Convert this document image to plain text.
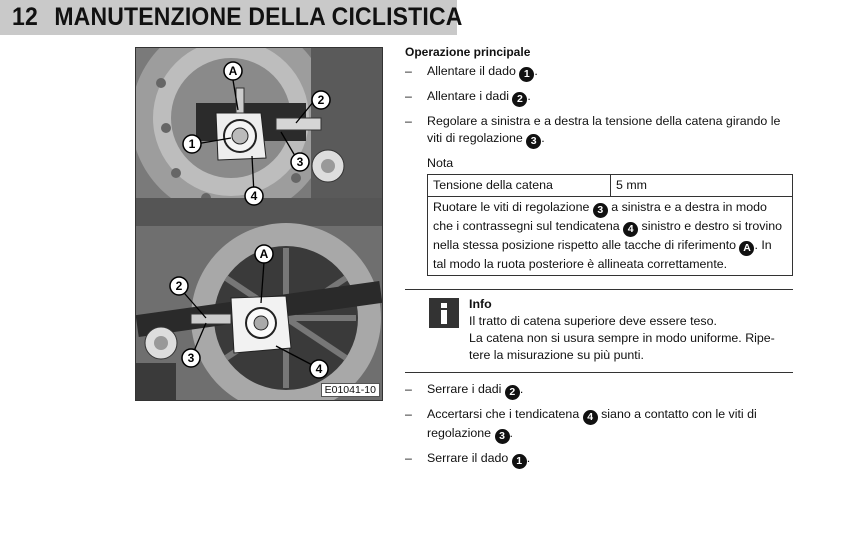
12 MANUTENZIONE DELLA CICLISTICA
A
2
1
3
4
A
2
3
4
E01041-10
Operazione principale
– Allentare il dado 1 .
– Allentare i dadi 2 .
– Regolare a sinistra e a destra la tensione della catena girando le viti di regolazione 3 .
Nota
Tensione della catena	5 mm
Ruotare le viti di regolazione 3 a sinistra e a destra in modo che i contrassegni sul tendicatena 4 sinistro e destro si trovino nella stessa posizione rispetto alle tacche di riferimento A . In tal modo la ruota posteriore è allineata correttamente.
Info
Il tratto di catena superiore deve essere teso.
La catena non si usura sempre in modo uniforme. Ripe-tere la misurazione su più punti.
– Serrare i dadi 2 .
– Accertarsi che i tendicatena 4 siano a contatto con le viti di regolazione 3 .
– Serrare il dado 1 .
